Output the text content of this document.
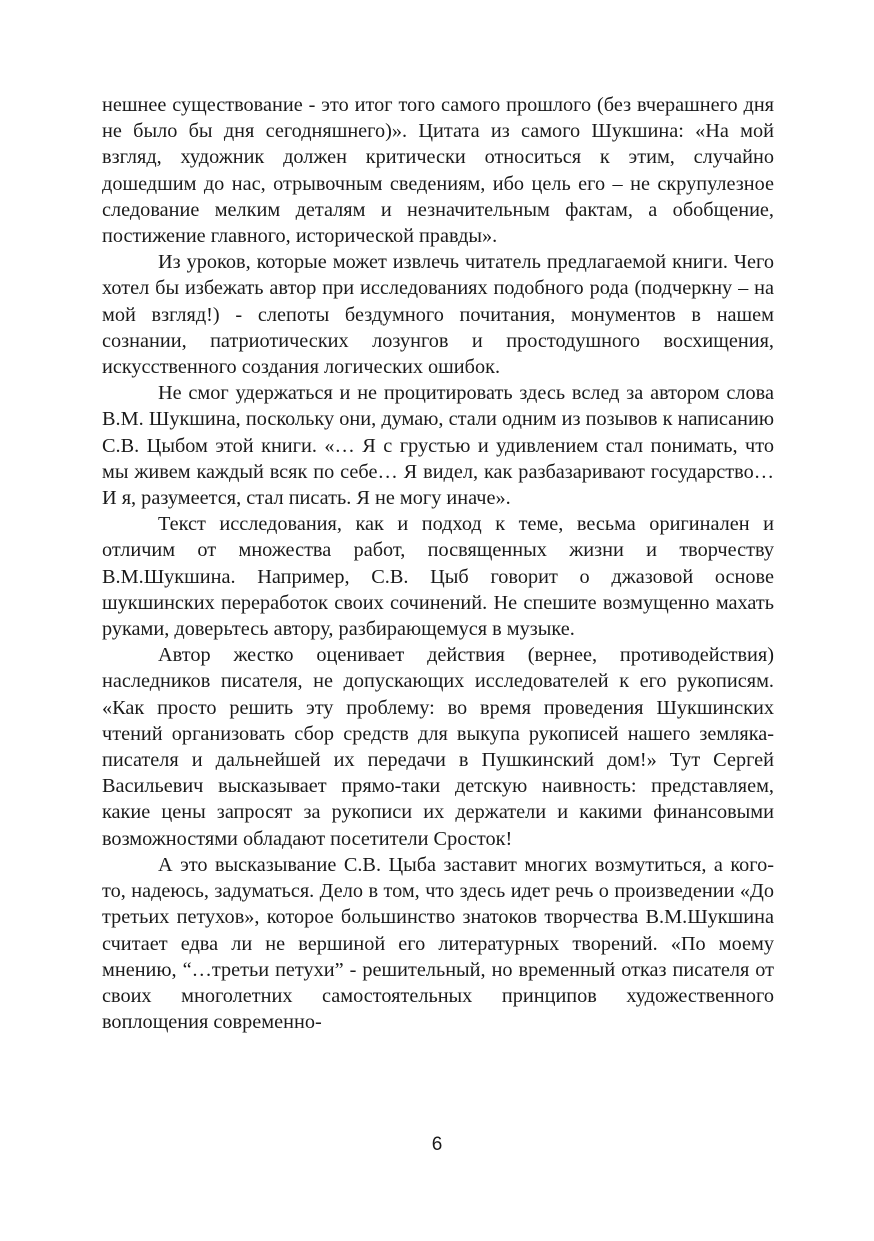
нешнее существование - это итог того самого прошлого (без вчерашнего дня не было бы дня сегодняшнего)». Цитата из самого Шукшина: «На мой взгляд, художник должен критически относиться к этим, случайно дошедшим до нас, отрывочным сведениям, ибо цель его – не скрупулезное следование мелким деталям и незначительным фактам, а обобщение, постижение главного, исторической правды».

Из уроков, которые может извлечь читатель предлагаемой книги. Чего хотел бы избежать автор при исследованиях подобного рода (подчеркну – на мой взгляд!) - слепоты бездумного почитания, монументов в нашем сознании, патриотических лозунгов и простодушного восхищения, искусственного создания логических ошибок.

Не смог удержаться и не процитировать здесь вслед за автором слова В.М. Шукшина, поскольку они, думаю, стали одним из позывов к написанию С.В. Цыбом этой книги. «… Я с грустью и удивлением стал понимать, что мы живем каждый всяк по себе… Я видел, как разбазаривают государство… И я, разумеется, стал писать. Я не могу иначе».

Текст исследования, как и подход к теме, весьма оригинален и отличим от множества работ, посвященных жизни и творчеству В.М.Шукшина. Например, С.В. Цыб говорит о джазовой основе шукшинских переработок своих сочинений. Не спешите возмущенно махать руками, доверьтесь автору, разбирающемуся в музыке.

Автор жестко оценивает действия (вернее, противодействия) наследников писателя, не допускающих исследователей к его рукописям. «Как просто решить эту проблему: во время проведения Шукшинских чтений организовать сбор средств для выкупа рукописей нашего земляка-писателя и дальнейшей их передачи в Пушкинский дом!» Тут Сергей Васильевич высказывает прямо-таки детскую наивность: представляем, какие цены запросят за рукописи их держатели и какими финансовыми возможностями обладают посетители Сросток!

А это высказывание С.В. Цыба заставит многих возмутиться, а кого-то, надеюсь, задуматься. Дело в том, что здесь идет речь о произведении «До третьих петухов», которое большинство знатоков творчества В.М.Шукшина считает едва ли не вершиной его литературных творений. «По моему мнению, “…третьи петухи” - решительный, но временный отказ писателя от своих многолетних самостоятельных принципов художественного воплощения современно-

6
